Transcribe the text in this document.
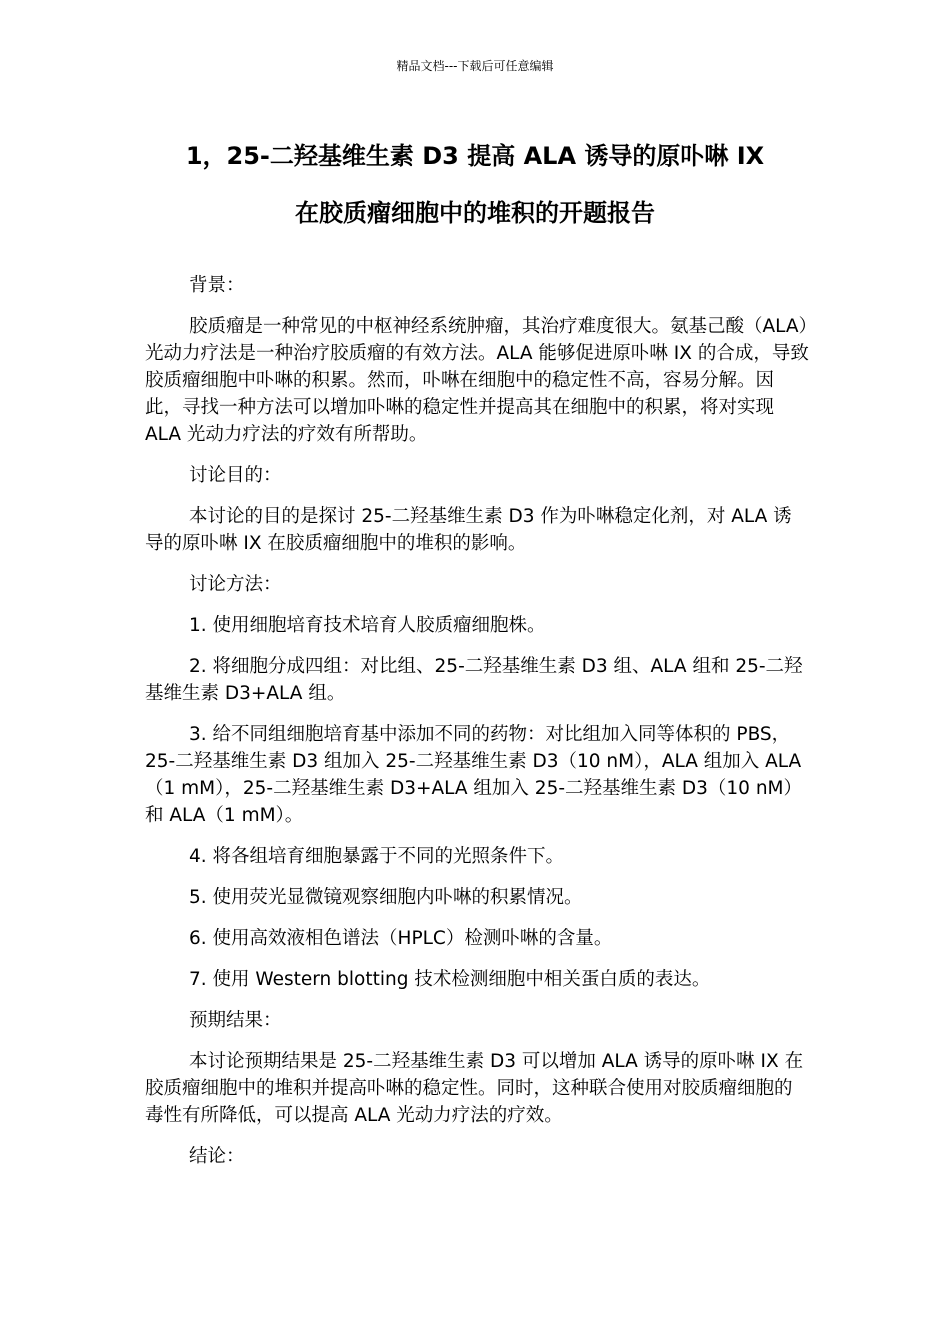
精品文档---下载后可任意编辑
1，25-二羟基维生素 D3 提高 ALA 诱导的原卟啉 IX
在胶质瘤细胞中的堆积的开题报告

背景：

胶质瘤是一种常见的中枢神经系统肿瘤，其治疗难度很大。氨基己酸（ALA）光动力疗法是一种治疗胶质瘤的有效方法。ALA 能够促进原卟啉 IX 的合成，导致胶质瘤细胞中卟啉的积累。然而，卟啉在细胞中的稳定性不高，容易分解。因此，寻找一种方法可以增加卟啉的稳定性并提高其在细胞中的积累，将对实现 ALA 光动力疗法的疗效有所帮助。

讨论目的：

本讨论的目的是探讨 25-二羟基维生素 D3 作为卟啉稳定化剂，对 ALA 诱导的原卟啉 IX 在胶质瘤细胞中的堆积的影响。

讨论方法：

1. 使用细胞培育技术培育人胶质瘤细胞株。

2. 将细胞分成四组：对比组、25-二羟基维生素 D3 组、ALA 组和 25-二羟基维生素 D3+ALA 组。

3. 给不同组细胞培育基中添加不同的药物：对比组加入同等体积的 PBS，25-二羟基维生素 D3 组加入 25-二羟基维生素 D3（10 nM），ALA 组加入 ALA（1 mM），25-二羟基维生素 D3+ALA 组加入 25-二羟基维生素 D3（10 nM）和 ALA（1 mM）。

4. 将各组培育细胞暴露于不同的光照条件下。

5. 使用荧光显微镜观察细胞内卟啉的积累情况。

6. 使用高效液相色谱法（HPLC）检测卟啉的含量。

7. 使用 Western blotting 技术检测细胞中相关蛋白质的表达。

预期结果：

本讨论预期结果是 25-二羟基维生素 D3 可以增加 ALA 诱导的原卟啉 IX 在胶质瘤细胞中的堆积并提高卟啉的稳定性。同时，这种联合使用对胶质瘤细胞的毒性有所降低，可以提高 ALA 光动力疗法的疗效。

结论：
